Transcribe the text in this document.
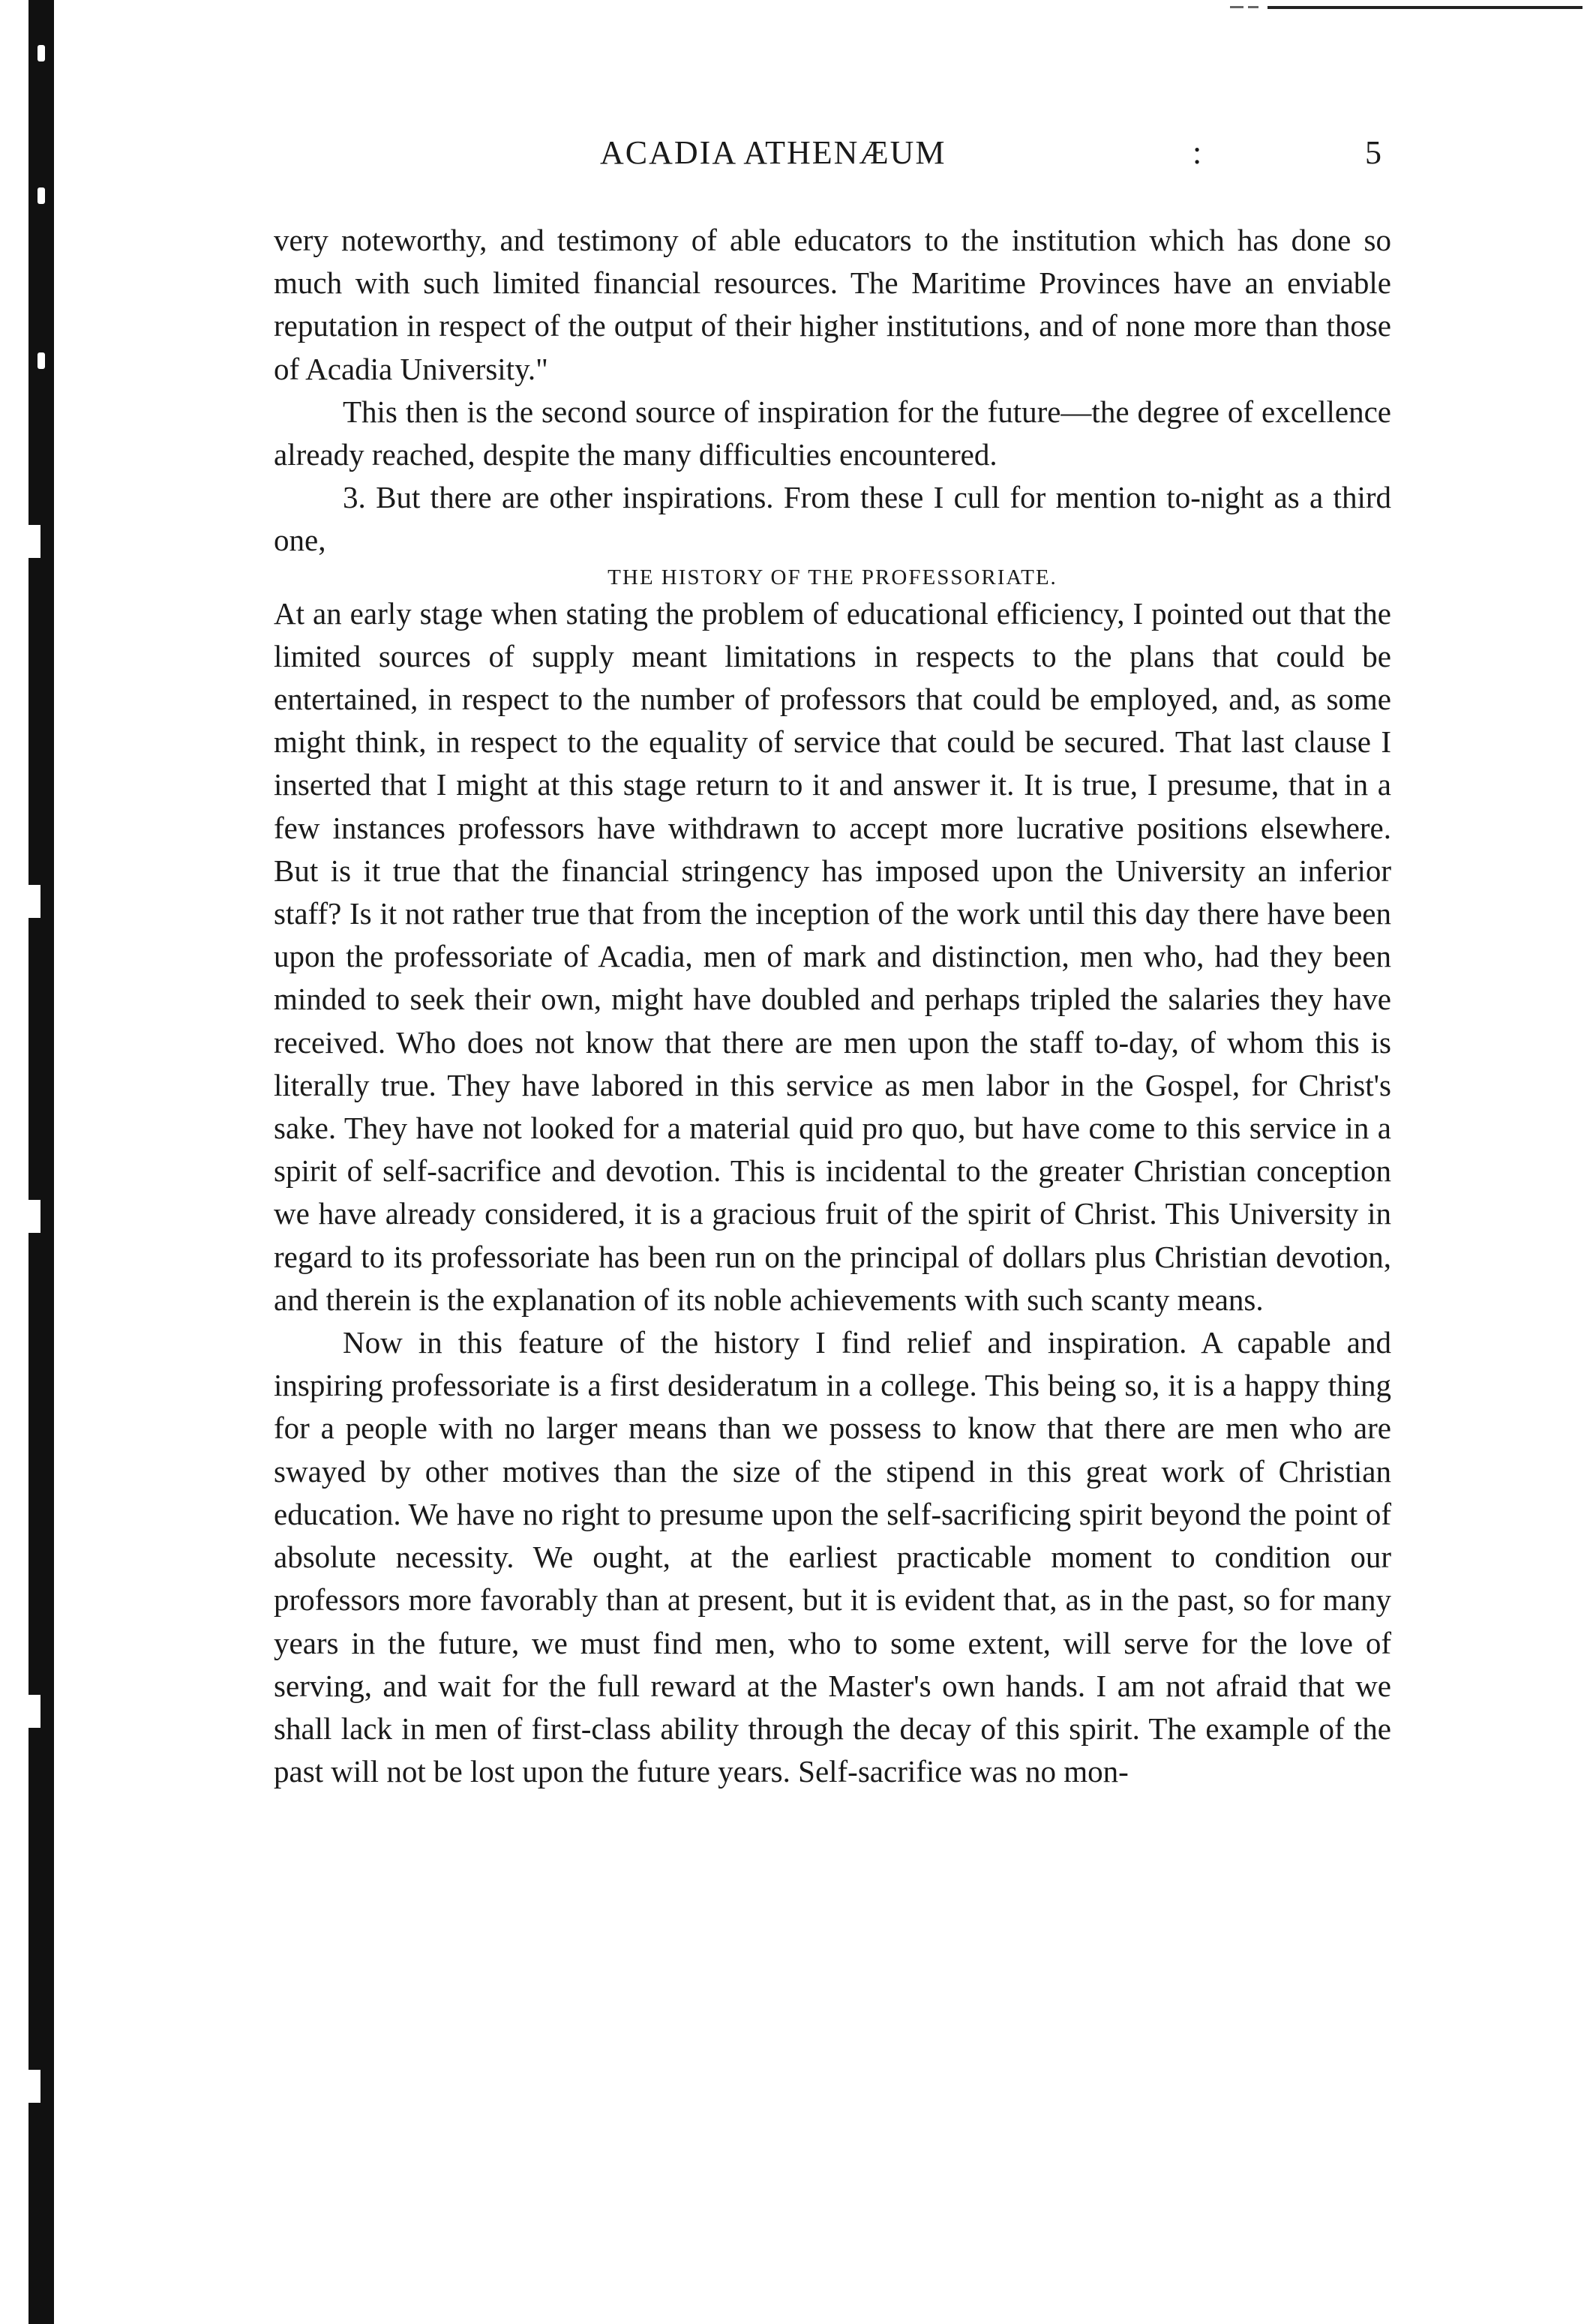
ACADIA ATHENÆUM	:	5

very noteworthy, and testimony of able educators to the institution which has done so much with such limited financial resources. The Maritime Provinces have an enviable reputation in respect of the output of their higher institutions, and of none more than those of Acadia University."

This then is the second source of inspiration for the future—the degree of excellence already reached, despite the many difficulties encountered.

3. But there are other inspirations. From these I cull for mention to-night as a third one,

THE HISTORY OF THE PROFESSORIATE.

At an early stage when stating the problem of educational efficiency, I pointed out that the limited sources of supply meant limitations in respects to the plans that could be entertained, in respect to the number of professors that could be employed, and, as some might think, in respect to the equality of service that could be secured. That last clause I inserted that I might at this stage return to it and answer it. It is true, I presume, that in a few instances professors have withdrawn to accept more lucrative positions elsewhere. But is it true that the financial stringency has imposed upon the University an inferior staff? Is it not rather true that from the inception of the work until this day there have been upon the professoriate of Acadia, men of mark and distinction, men who, had they been minded to seek their own, might have doubled and perhaps tripled the salaries they have received. Who does not know that there are men upon the staff to-day, of whom this is literally true. They have labored in this service as men labor in the Gospel, for Christ's sake. They have not looked for a material quid pro quo, but have come to this service in a spirit of self-sacrifice and devotion. This is incidental to the greater Christian conception we have already considered, it is a gracious fruit of the spirit of Christ. This University in regard to its professoriate has been run on the principal of dollars plus Christian devotion, and therein is the explanation of its noble achievements with such scanty means.

Now in this feature of the history I find relief and inspiration. A capable and inspiring professoriate is a first desideratum in a college. This being so, it is a happy thing for a people with no larger means than we possess to know that there are men who are swayed by other motives than the size of the stipend in this great work of Christian education. We have no right to presume upon the self-sacrificing spirit beyond the point of absolute necessity. We ought, at the earliest practicable moment to condition our professors more favorably than at present, but it is evident that, as in the past, so for many years in the future, we must find men, who to some extent, will serve for the love of serving, and wait for the full reward at the Master's own hands. I am not afraid that we shall lack in men of first-class ability through the decay of this spirit. The example of the past will not be lost upon the future years. Self-sacrifice was no mon-
